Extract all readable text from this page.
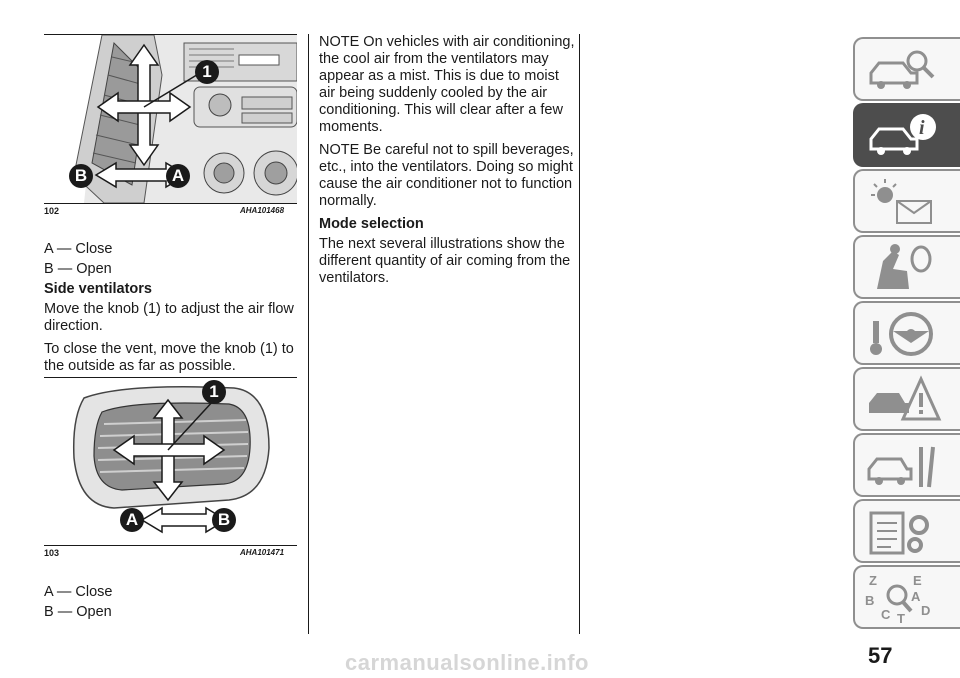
1
B	A
102	AHA101468

A — Close

B — Open

Side ventilators

Move the knob (1) to adjust the air flow direction.

To close the vent, move the knob (1) to the outside as far as possible.

1
A	B
103	AHA101471

A — Close

B — Open

NOTE On vehicles with air conditioning, the cool air from the ventilators may appear as a mist. This is due to moist air being suddenly cooled by the air conditioning. This will clear after a few moments.

NOTE Be careful not to spill beverages, etc., into the ventilators. Doing so might cause the air conditioner not to function normally.

Mode selection

The next several illustrations show the different quantity of air coming from the ventilators.

i
Z	E
B
C D
T
A
57
carmanualsonline.info
